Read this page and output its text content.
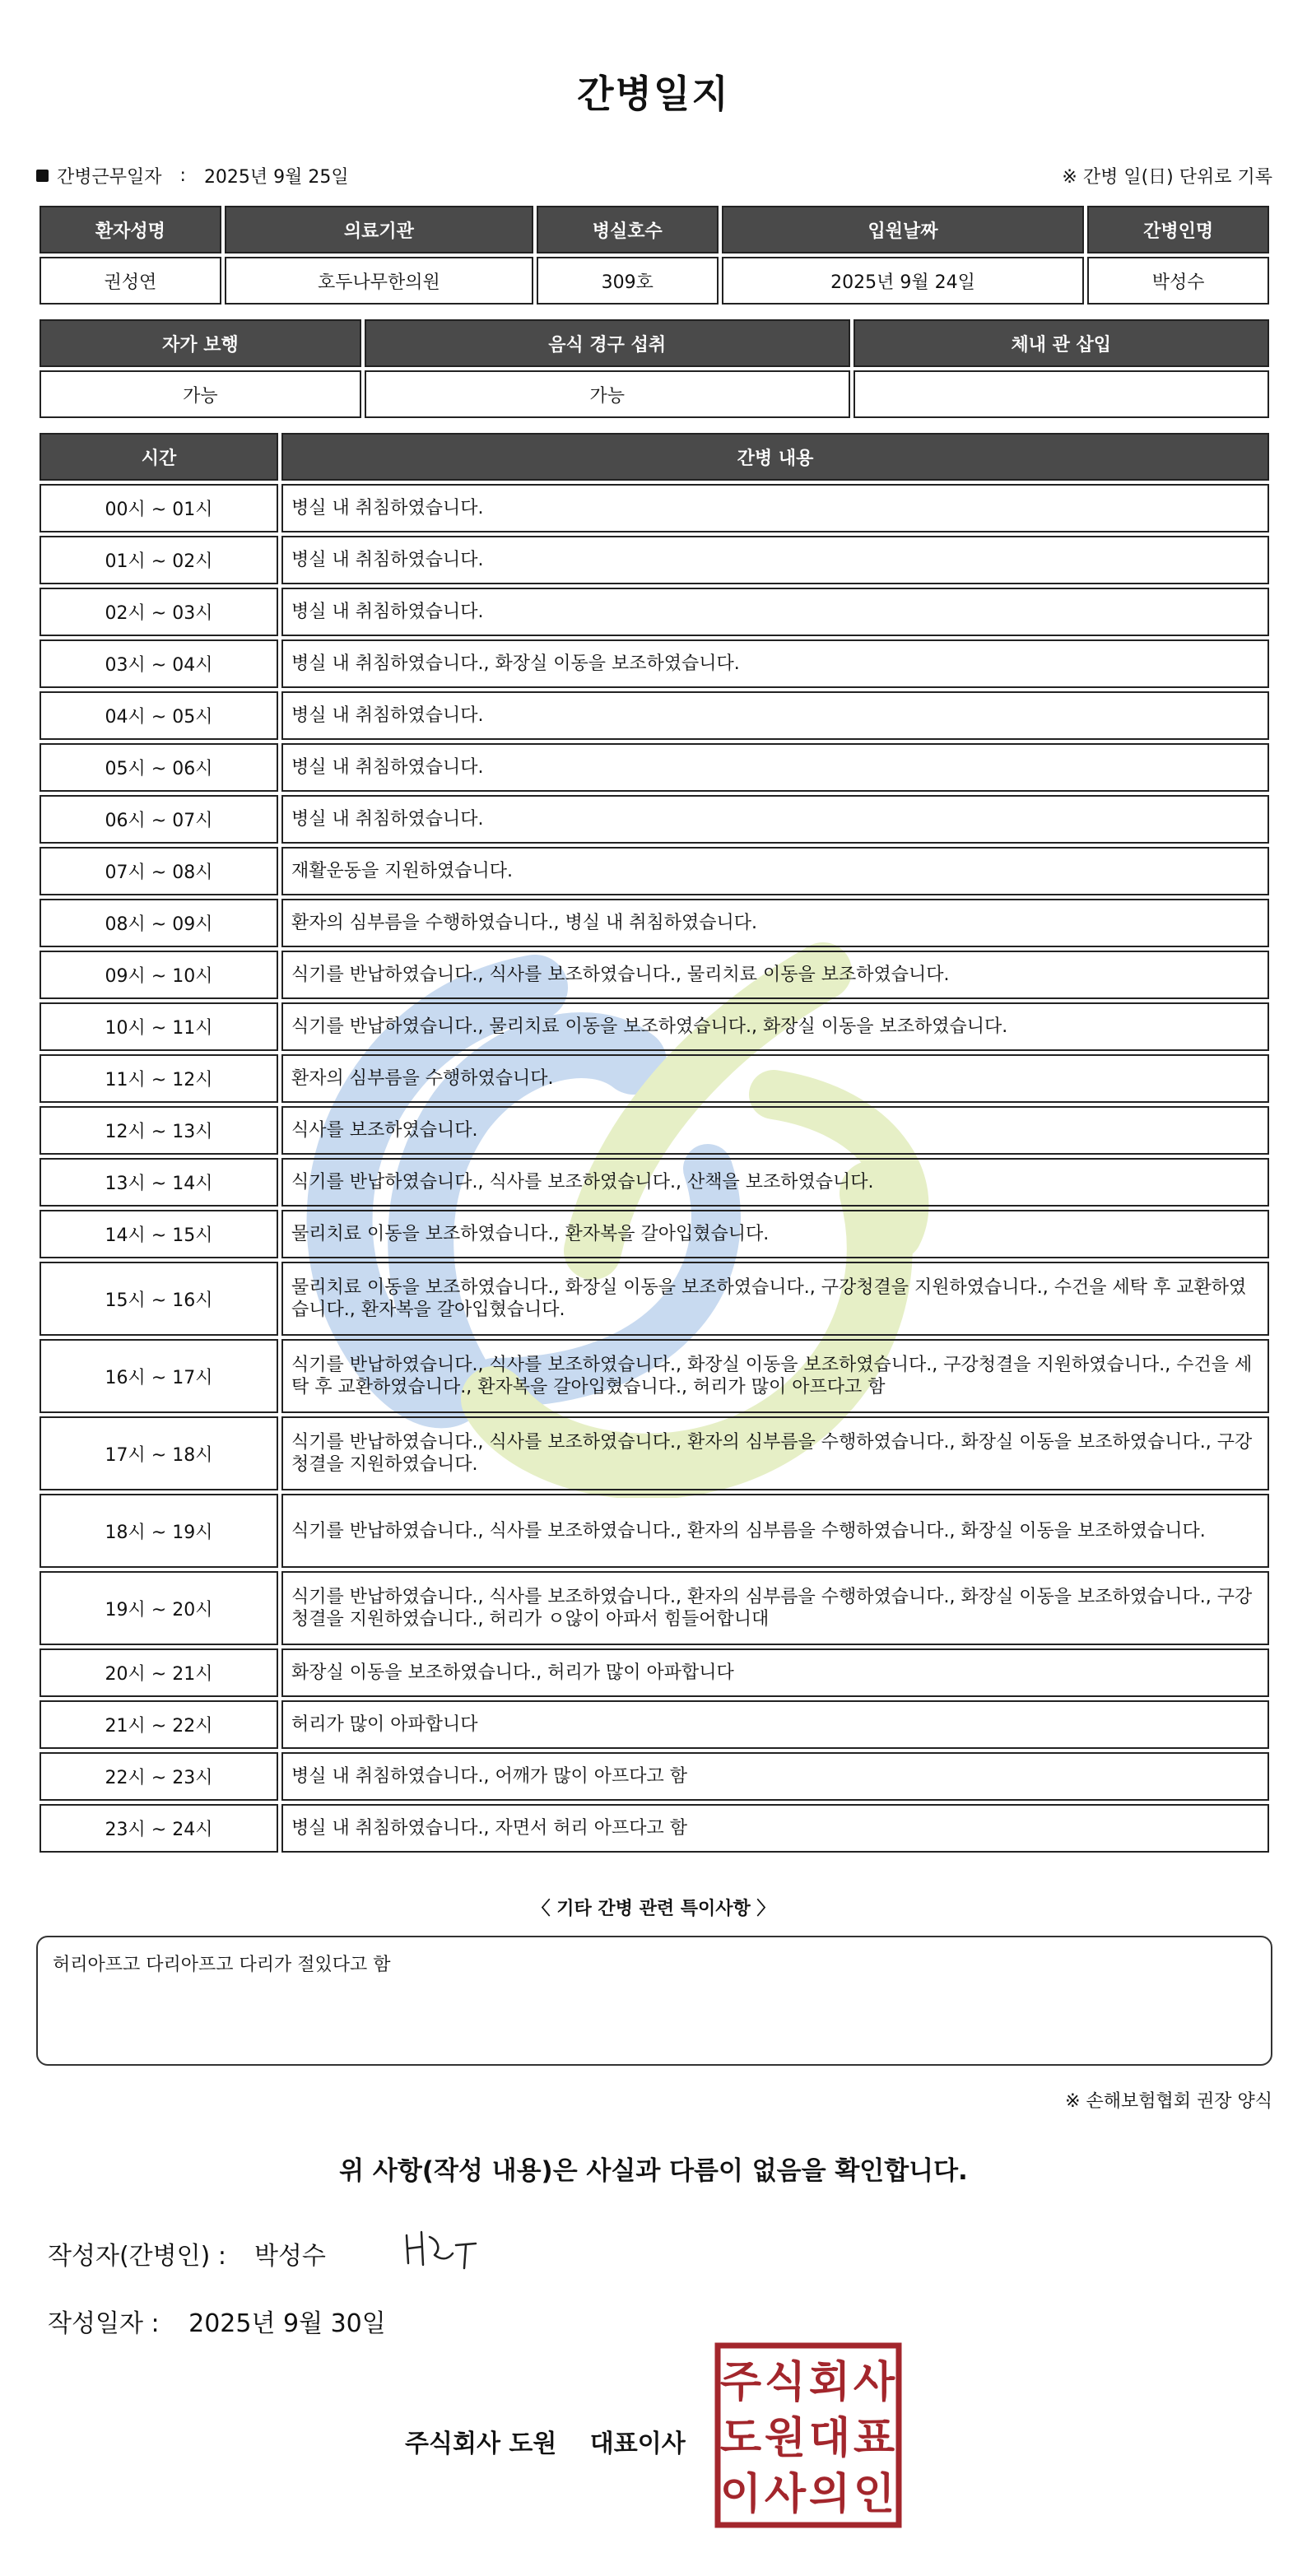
간병일지
간병근무일자 : 2025년 9월 25일	※ 간병 일(日) 단위로 기록
환자성명	의료기관	병실호수	입원날짜	간병인명
권성연	호두나무한의원	309호	2025년 9월 24일	박성수
자가 보행	음식 경구 섭취	체내 관 삽입
가능	가능	
시간	간병 내용
00시 ~ 01시	병실 내 취침하였습니다.
01시 ~ 02시	병실 내 취침하였습니다.
02시 ~ 03시	병실 내 취침하였습니다.
03시 ~ 04시	병실 내 취침하였습니다., 화장실 이동을 보조하였습니다.
04시 ~ 05시	병실 내 취침하였습니다.
05시 ~ 06시	병실 내 취침하였습니다.
06시 ~ 07시	병실 내 취침하였습니다.
07시 ~ 08시	재활운동을 지원하였습니다.
08시 ~ 09시	환자의 심부름을 수행하였습니다., 병실 내 취침하였습니다.
09시 ~ 10시	식기를 반납하였습니다., 식사를 보조하였습니다., 물리치료 이동을 보조하였습니다.
10시 ~ 11시	식기를 반납하였습니다., 물리치료 이동을 보조하였습니다., 화장실 이동을 보조하였습니다.
11시 ~ 12시	환자의 심부름을 수행하였습니다.
12시 ~ 13시	식사를 보조하였습니다.
13시 ~ 14시	식기를 반납하였습니다., 식사를 보조하였습니다., 산책을 보조하였습니다.
14시 ~ 15시	물리치료 이동을 보조하였습니다., 환자복을 갈아입혔습니다.
15시 ~ 16시	물리치료 이동을 보조하였습니다., 화장실 이동을 보조하였습니다., 구강청결을 지원하였습니다., 수건을 세탁 후 교환하였습니다., 환자복을 갈아입혔습니다.
16시 ~ 17시	식기를 반납하였습니다., 식사를 보조하였습니다., 화장실 이동을 보조하였습니다., 구강청결을 지원하였습니다., 수건을 세탁 후 교환하였습니다., 환자복을 갈아입혔습니다., 허리가 많이 아프다고 함
17시 ~ 18시	식기를 반납하였습니다., 식사를 보조하였습니다., 환자의 심부름을 수행하였습니다., 화장실 이동을 보조하였습니다., 구강청결을 지원하였습니다.
18시 ~ 19시	식기를 반납하였습니다., 식사를 보조하였습니다., 환자의 심부름을 수행하였습니다., 화장실 이동을 보조하였습니다.
19시 ~ 20시	식기를 반납하였습니다., 식사를 보조하였습니다., 환자의 심부름을 수행하였습니다., 화장실 이동을 보조하였습니다., 구강청결을 지원하였습니다., 허리가 ㅇ않이 아파서 힘들어합니대
20시 ~ 21시	화장실 이동을 보조하였습니다., 허리가 많이 아파합니다
21시 ~ 22시	허리가 많이 아파합니다
22시 ~ 23시	병실 내 취침하였습니다., 어깨가 많이 아프다고 함
23시 ~ 24시	병실 내 취침하였습니다., 자면서 허리 아프다고 함
〈 기타 간병 관련 특이사항 〉
허리아프고 다리아프고 다리가 절있다고 함
※ 손해보험협회 권장 양식
위 사항(작성 내용)은 사실과 다름이 없음을 확인합니다.
작성자(간병인) : 박성수
작성일자 : 2025년 9월 30일
주식회사 도원 대표이사
주 식 회 사
도 원 대 표
이 사 의 인
